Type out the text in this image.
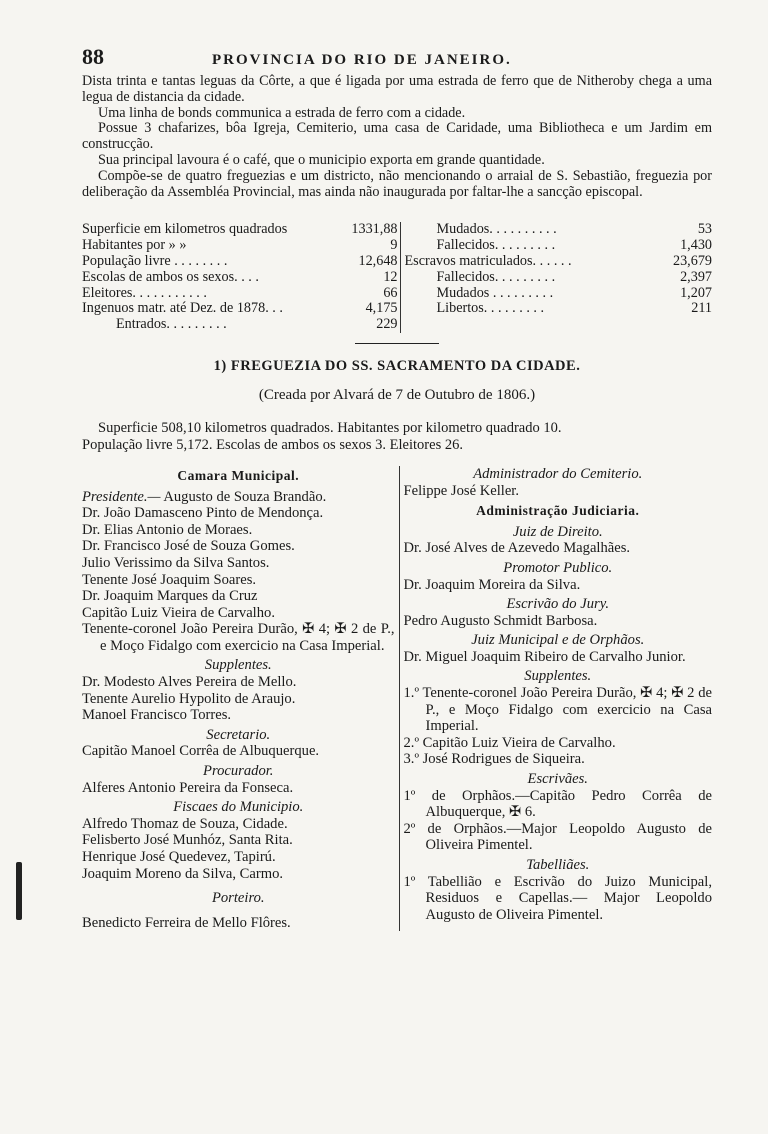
88	PROVINCIA DO RIO DE JANEIRO.

Dista trinta e tantas leguas da Côrte, a que é ligada por uma estrada de ferro que de Nitheroby chega a uma legua de distancia da cidade.

Uma linha de bonds communica a estrada de ferro com a cidade.

Possue 3 chafarizes, bôa Igreja, Cemiterio, uma casa de Caridade, uma Bibliotheca e um Jardim em construcção.

Sua principal lavoura é o café, que o municipio exporta em grande quantidade.

Compõe-se de quatro freguezias e um districto, não mencionando o arraial de S. Sebastião, freguezia por deliberação da Assembléa Provincial, mas ainda não inaugurada por faltar-lhe a sancção episcopal.

Superficie em kilometros quadrados	1331,88
Habitantes por » »	9
População livre . . . . . . . .	12,648
Escolas de ambos os sexos. . . .	12
Eleitores. . . . . . . . . . .	66
Ingenuos matr. até Dez. de 1878. . .	4,175
Entrados. . . . . . . . .	229
Mudados. . . . . . . . . .	53
Fallecidos. . . . . . . . .	1,430
Escravos matriculados. . . . . .	23,679
Fallecidos. . . . . . . . .	2,397
Mudados . . . . . . . . .	1,207
Libertos. . . . . . . . .	211
1) FREGUEZIA DO SS. SACRAMENTO DA CIDADE.
(Creada por Alvará de 7 de Outubro de 1806.)

Superficie 508,10 kilometros quadrados. Habitantes por kilometro quadrado 10.

População livre 5,172. Escolas de ambos os sexos 3. Eleitores 26.

Camara Municipal.
Presidente.— Augusto de Souza Brandão.
Dr. João Damasceno Pinto de Mendonça.
Dr. Elias Antonio de Moraes.
Dr. Francisco José de Souza Gomes.
Julio Verissimo da Silva Santos.
Tenente José Joaquim Soares.
Dr. Joaquim Marques da Cruz
Capitão Luiz Vieira de Carvalho.
Tenente-coronel João Pereira Durão, ✠ 4; ✠ 2 de P., e Moço Fidalgo com exercicio na Casa Imperial.
Supplentes.
Dr. Modesto Alves Pereira de Mello.
Tenente Aurelio Hypolito de Araujo.
Manoel Francisco Torres.
Secretario.
Capitão Manoel Corrêa de Albuquerque.
Procurador.
Alferes Antonio Pereira da Fonseca.
Fiscaes do Municipio.
Alfredo Thomaz de Souza, Cidade.
Felisberto José Munhóz, Santa Rita.
Henrique José Quedevez, Tapirú.
Joaquim Moreno da Silva, Carmo.
Porteiro.
Benedicto Ferreira de Mello Flôres.
Administrador do Cemiterio.
Felippe José Keller.
Administração Judiciaria.
Juiz de Direito.
Dr. José Alves de Azevedo Magalhães.
Promotor Publico.
Dr. Joaquim Moreira da Silva.
Escrivão do Jury.
Pedro Augusto Schmidt Barbosa.
Juiz Municipal e de Orphãos.
Dr. Miguel Joaquim Ribeiro de Carvalho Junior.
Supplentes.
1.º Tenente-coronel João Pereira Durão, ✠ 4; ✠ 2 de P., e Moço Fidalgo com exercicio na Casa Imperial.
2.º Capitão Luiz Vieira de Carvalho.
3.º José Rodrigues de Siqueira.
Escrivães.
1º de Orphãos.—Capitão Pedro Corrêa de Albuquerque, ✠ 6.
2º de Orphãos.—Major Leopoldo Augusto de Oliveira Pimentel.
Tabelliães.
1º Tabellião e Escrivão do Juizo Municipal, Residuos e Capellas.— Major Leopoldo Augusto de Oliveira Pimentel.
